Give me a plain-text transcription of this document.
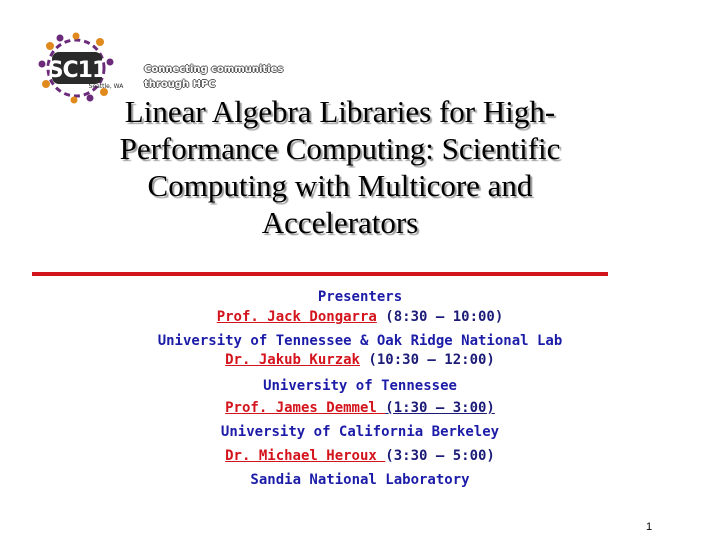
SC11
Seattle, WA
Connecting communities through HPC
Linear Algebra Libraries for High-Performance Computing: Scientific Computing with Multicore and Accelerators
Presenters
Prof. Jack Dongarra (8:30 – 10:00)
University of Tennessee & Oak Ridge National Lab
Dr. Jakub Kurzak (10:30 – 12:00)
University of Tennessee
Prof. James Demmel (1:30 – 3:00)
University of California Berkeley
Dr. Michael Heroux (3:30 – 5:00)
Sandia National Laboratory
1
